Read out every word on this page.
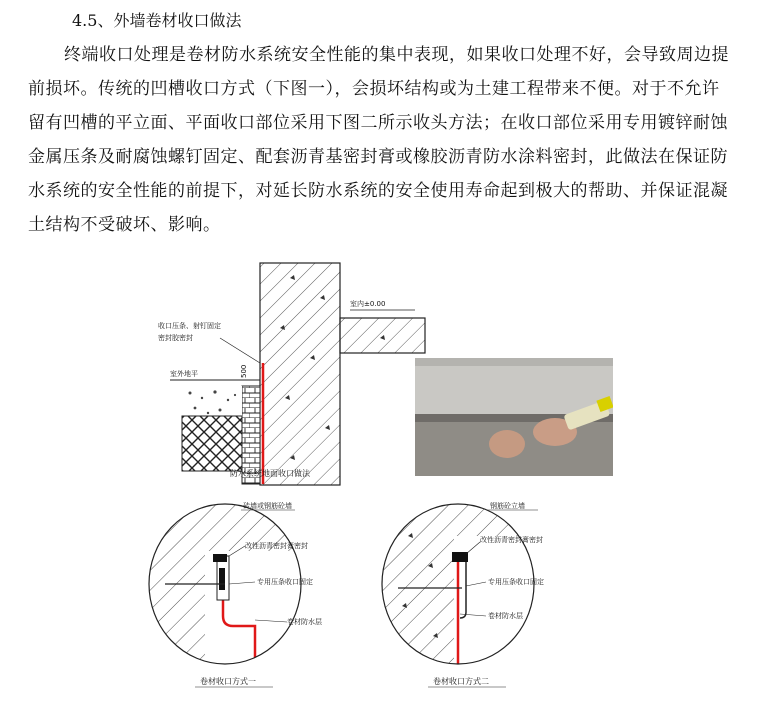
4.5、外墙卷材收口做法

终端收口处理是卷材防水系统安全性能的集中表现，如果收口处理不好，会导致周边提前损坏。传统的凹槽收口方式（下图一），会损坏结构或为土建工程带来不便。对于不允许留有凹槽的平立面、平面收口部位采用下图二所示收头方法；在收口部位采用专用镀锌耐蚀金属压条及耐腐蚀螺钉固定、配套沥青基密封膏或橡胶沥青防水涂料密封，此做法在保证防水系统的安全性能的前提下，对延长防水系统的安全使用寿命起到极大的帮助、并保证混凝土结构不受破坏、影响。

收口压条、射钉固定
密封胶密封
室内±0.00
室外地平	500
防水系统地面收口做法
砖墙或钢筋砼墙
改性沥青密封膏密封
专用压条收口固定
卷材防水层
卷材收口方式一
钢筋砼立墙
改性沥青密封膏密封
专用压条收口固定
卷材防水层
卷材收口方式二
